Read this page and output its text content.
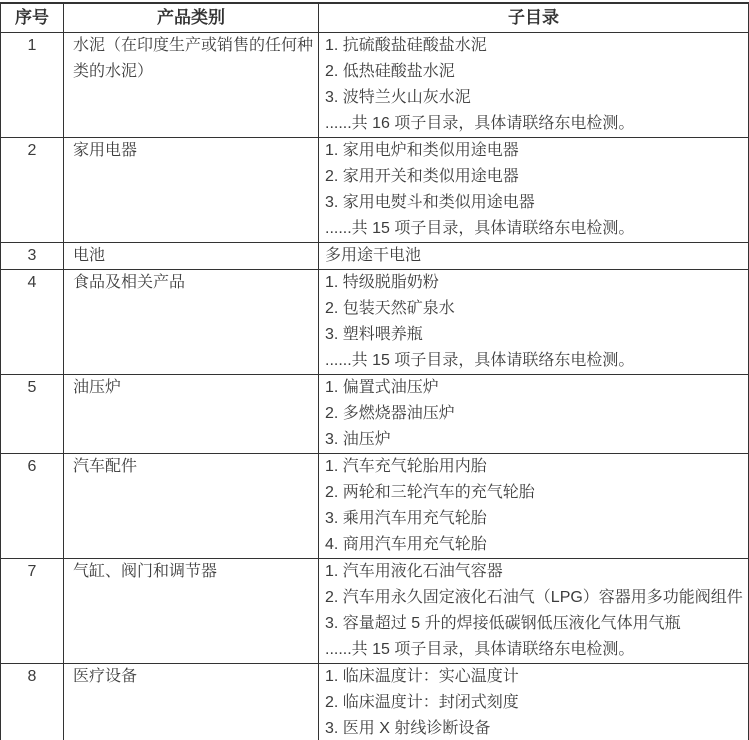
序号	产品类别	子目录
1	水泥（在印度生产或销售的任何种类的水泥）	1. 抗硫酸盐硅酸盐水泥
2. 低热硅酸盐水泥
3. 波特兰火山灰水泥
......共 16 项子目录，具体请联络东电检测。

2	家用电器	1. 家用电炉和类似用途电器
2. 家用开关和类似用途电器
3. 家用电熨斗和类似用途电器
......共 15 项子目录，具体请联络东电检测。

3	电池	多用途干电池

4	食品及相关产品	1. 特级脱脂奶粉
2. 包装天然矿泉水
3. 塑料喂养瓶
......共 15 项子目录，具体请联络东电检测。

5	油压炉	1. 偏置式油压炉
2. 多燃烧器油压炉
3. 油压炉

6	汽车配件	1. 汽车充气轮胎用内胎
2. 两轮和三轮汽车的充气轮胎
3. 乘用汽车用充气轮胎
4. 商用汽车用充气轮胎

7	气缸、阀门和调节器	1. 汽车用液化石油气容器
2. 汽车用永久固定液化石油气（LPG）容器用多功能阀组件
3. 容量超过 5 升的焊接低碳钢低压液化气体用气瓶
......共 15 项子目录，具体请联络东电检测。

8	医疗设备	1. 临床温度计：实心温度计
2. 临床温度计：封闭式刻度
3. 医用 X 射线诊断设备
